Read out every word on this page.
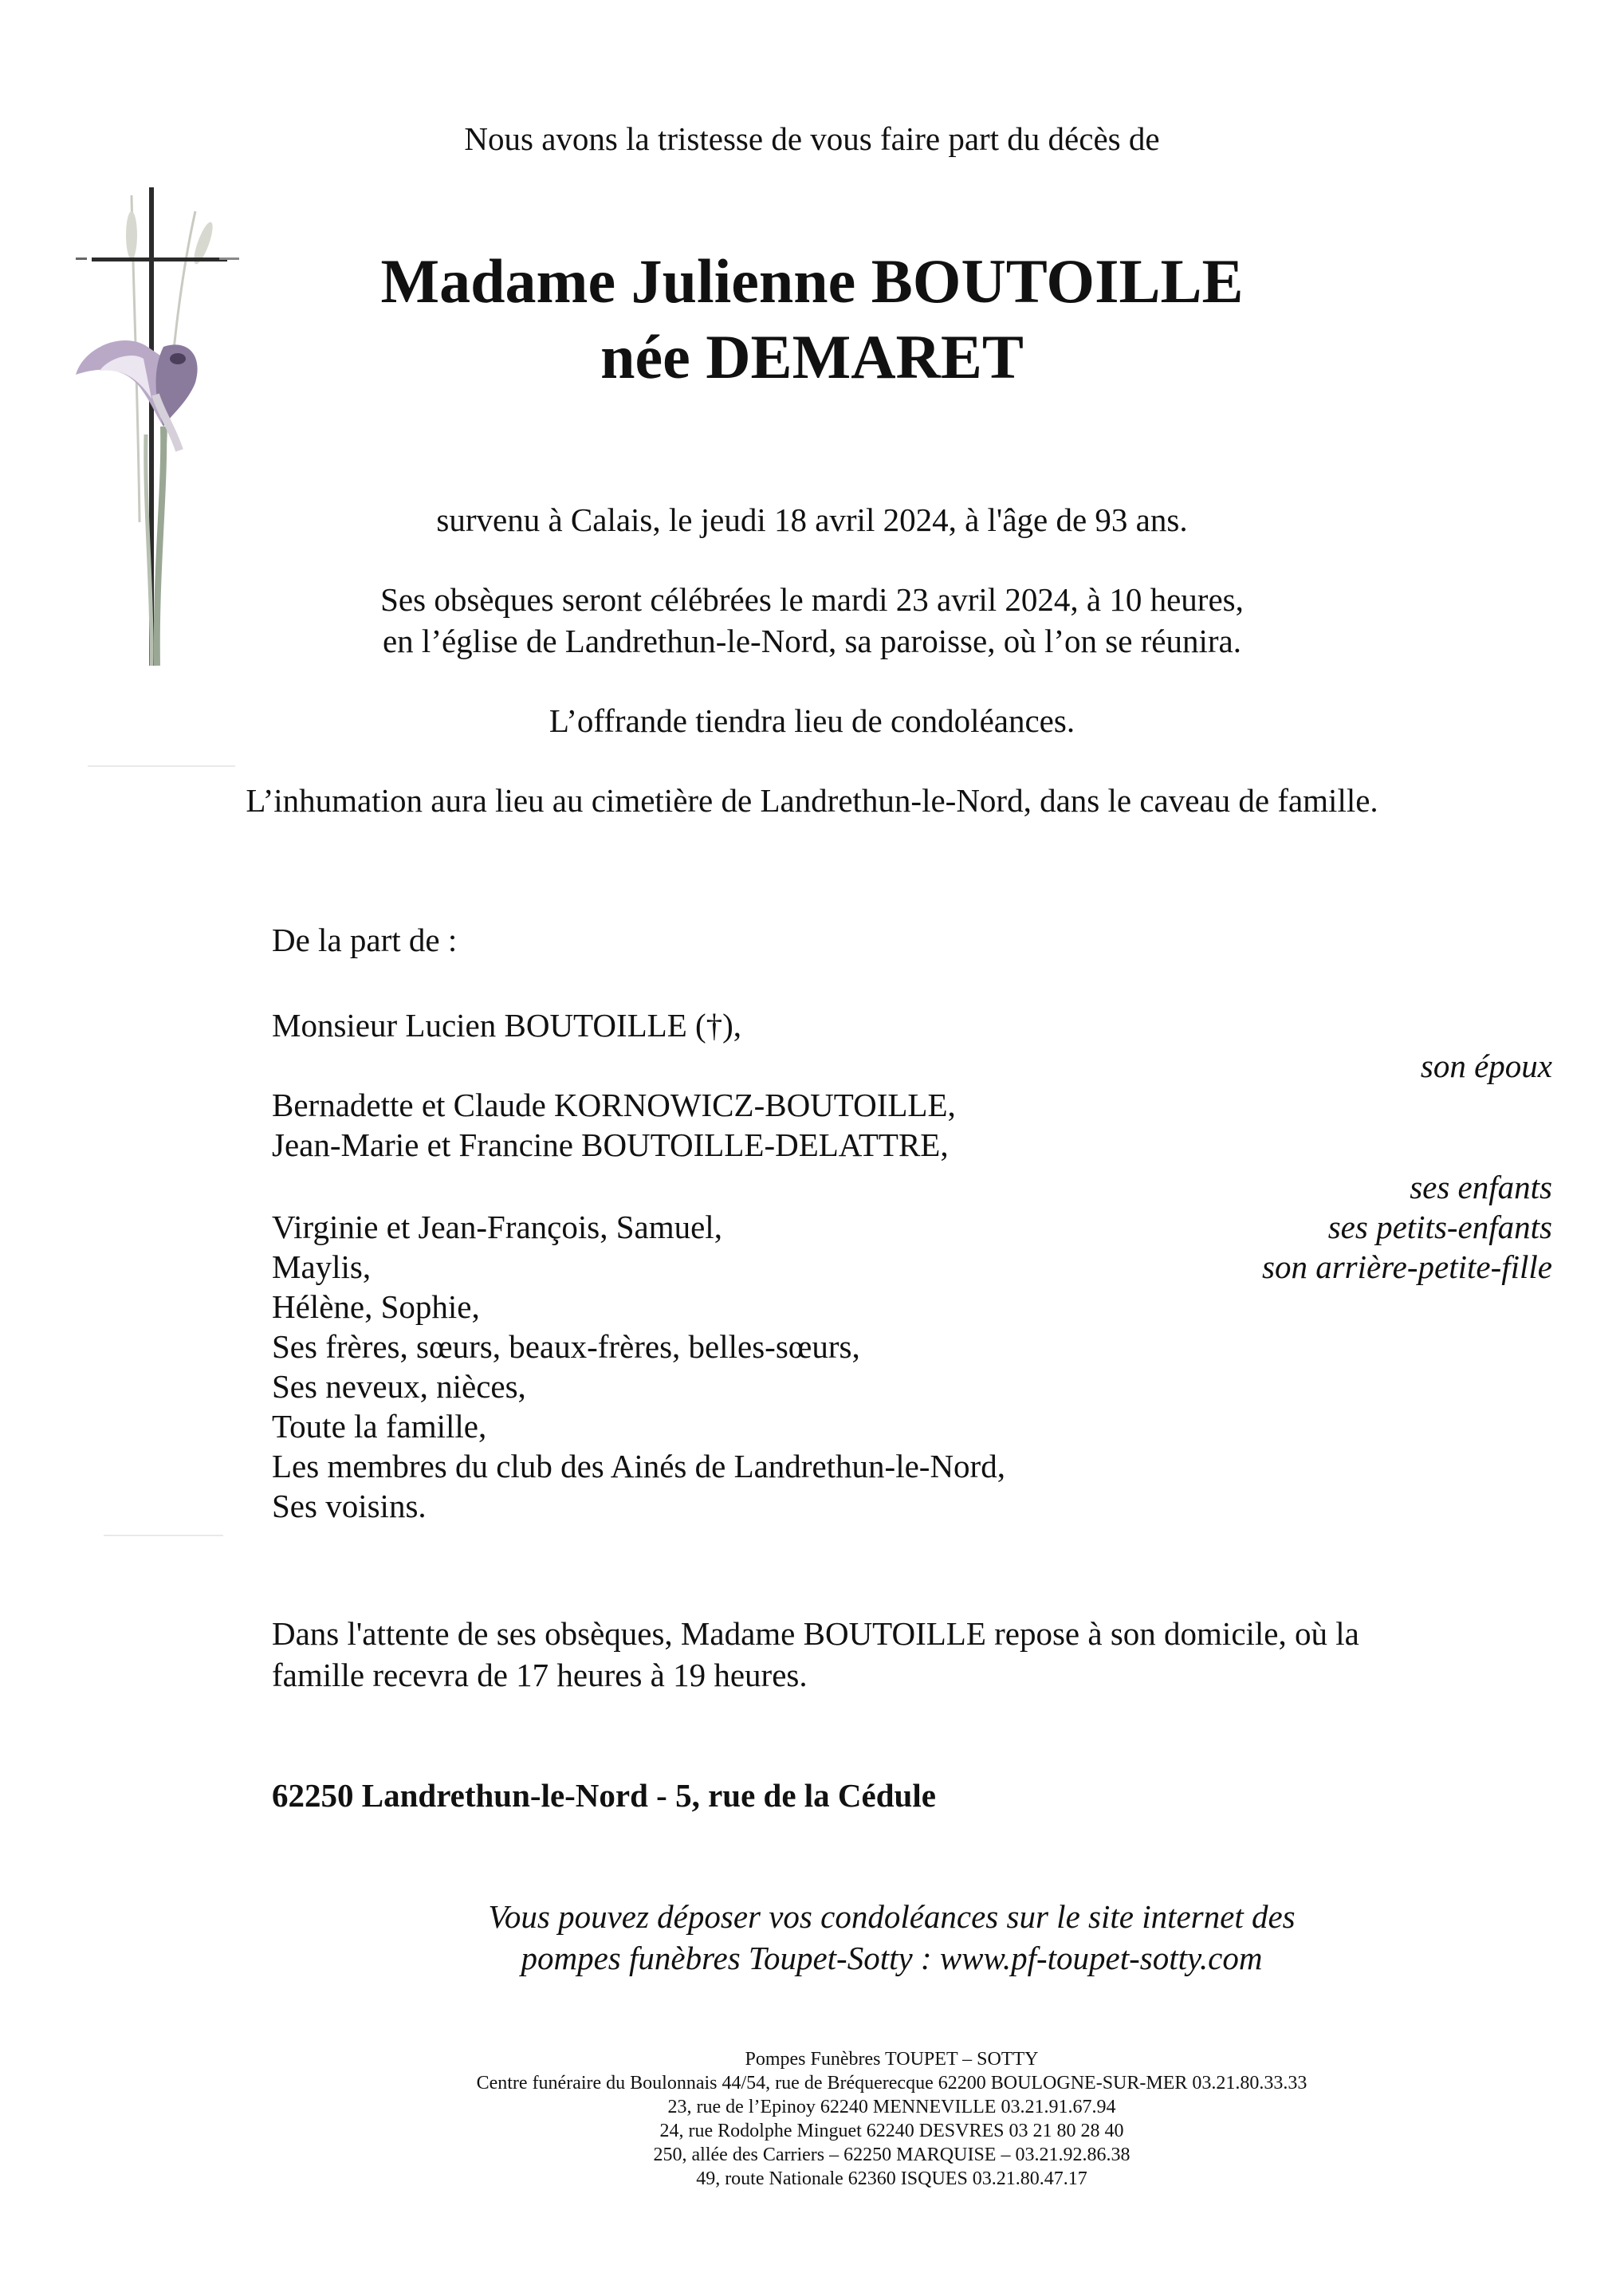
Nous avons la tristesse de vous faire part du décès de
Madame Julienne BOUTOILLE
née DEMARET
survenu à Calais, le jeudi 18 avril 2024, à l'âge de 93 ans.
Ses obsèques seront célébrées le mardi 23 avril 2024, à 10 heures,
en l’église de Landrethun-le-Nord, sa paroisse, où l’on se réunira.
L’offrande tiendra lieu de condoléances.
L’inhumation aura lieu au cimetière de Landrethun-le-Nord, dans le caveau de famille.
De la part de :
Monsieur Lucien BOUTOILLE (†),
son époux
Bernadette et Claude KORNOWICZ-BOUTOILLE,
Jean-Marie et Francine BOUTOILLE-DELATTRE,
ses enfants
Virginie et Jean-François, Samuel,	ses petits-enfants
Maylis,	son arrière-petite-fille
Hélène, Sophie,
Ses frères, sœurs, beaux-frères, belles-sœurs,
Ses neveux, nièces,
Toute la famille,
Les membres du club des Ainés de Landrethun-le-Nord,
Ses voisins.
Dans l'attente de ses obsèques, Madame BOUTOILLE repose à son domicile, où la
famille recevra de 17 heures à 19 heures.
62250 Landrethun-le-Nord - 5, rue de la Cédule
Vous pouvez déposer vos condoléances sur le site internet des
pompes funèbres Toupet-Sotty : www.pf-toupet-sotty.com
Pompes Funèbres TOUPET – SOTTY
Centre funéraire du Boulonnais 44/54, rue de Bréquerecque 62200 BOULOGNE-SUR-MER 03.21.80.33.33
23, rue de l’Epinoy 62240 MENNEVILLE 03.21.91.67.94
24, rue Rodolphe Minguet 62240 DESVRES 03 21 80 28 40
250, allée des Carriers – 62250 MARQUISE – 03.21.92.86.38
49, route Nationale 62360 ISQUES 03.21.80.47.17
